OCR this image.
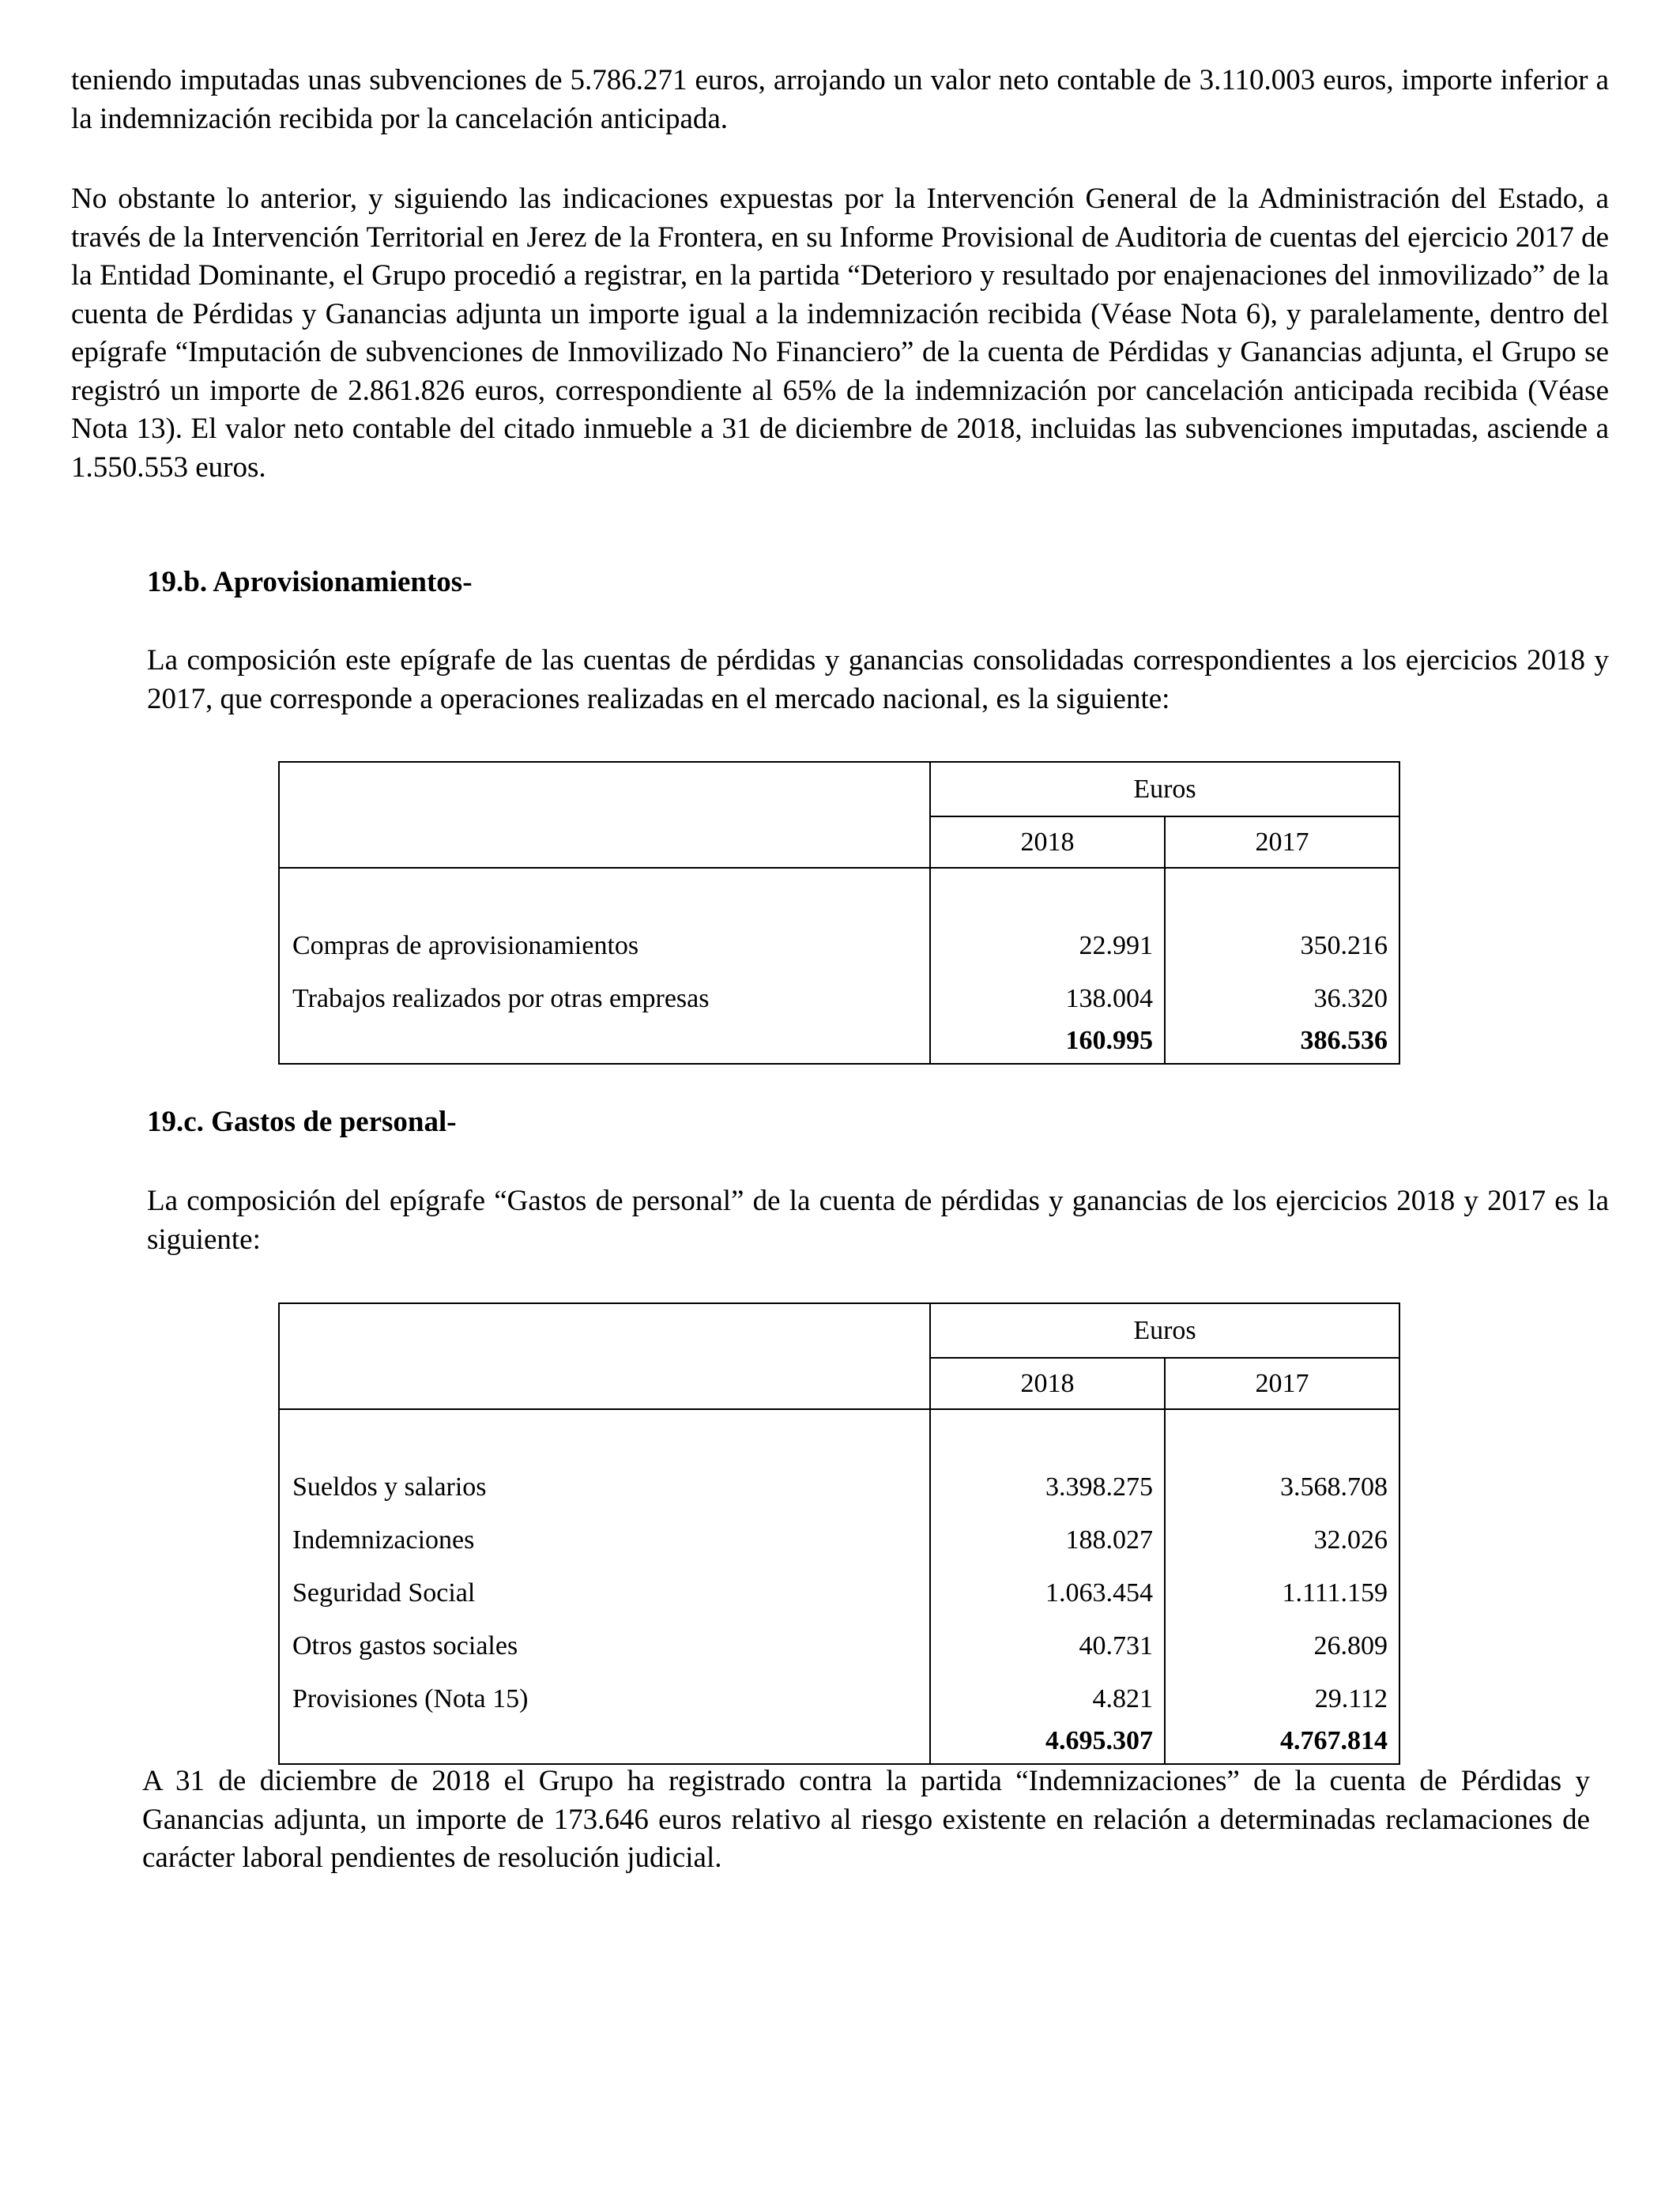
teniendo imputadas unas subvenciones de 5.786.271 euros, arrojando un valor neto contable de 3.110.003 euros, importe inferior a la indemnización recibida por la cancelación anticipada.

No obstante lo anterior, y siguiendo las indicaciones expuestas por la Intervención General de la Administración del Estado, a través de la Intervención Territorial en Jerez de la Frontera, en su Informe Provisional de Auditoria de cuentas del ejercicio 2017 de la Entidad Dominante, el Grupo procedió a registrar, en la partida “Deterioro y resultado por enajenaciones del inmovilizado” de la cuenta de Pérdidas y Ganancias adjunta un importe igual a la indemnización recibida (Véase Nota 6), y paralelamente, dentro del epígrafe “Imputación de subvenciones de Inmovilizado No Financiero” de la cuenta de Pérdidas y Ganancias adjunta, el Grupo se registró un importe de 2.861.826 euros, correspondiente al 65% de la indemnización por cancelación anticipada recibida (Véase Nota 13). El valor neto contable del citado inmueble a 31 de diciembre de 2018, incluidas las subvenciones imputadas, asciende a 1.550.553 euros.

19.b. Aprovisionamientos-

La composición este epígrafe de las cuentas de pérdidas y ganancias consolidadas correspondientes a los ejercicios 2018 y 2017, que corresponde a operaciones realizadas en el mercado nacional, es la siguiente:

	Euros	
	2018	2017

Compras de aprovisionamientos	22.991	350.216
Trabajos realizados por otras empresas	138.004	36.320
	160.995	386.536
19.c. Gastos de personal-

La composición del epígrafe “Gastos de personal” de la cuenta de pérdidas y ganancias de los ejercicios 2018 y 2017 es la siguiente:

	Euros	
	2018	2017

Sueldos y salarios	3.398.275	3.568.708
Indemnizaciones	188.027	32.026
Seguridad Social	1.063.454	1.111.159
Otros gastos sociales	40.731	26.809
Provisiones (Nota 15)	4.821	29.112
	4.695.307	4.767.814

A 31 de diciembre de 2018 el Grupo ha registrado contra la partida “Indemnizaciones” de la cuenta de Pérdidas y Ganancias adjunta, un importe de 173.646 euros relativo al riesgo existente en relación a determinadas reclamaciones de carácter laboral pendientes de resolución judicial.
